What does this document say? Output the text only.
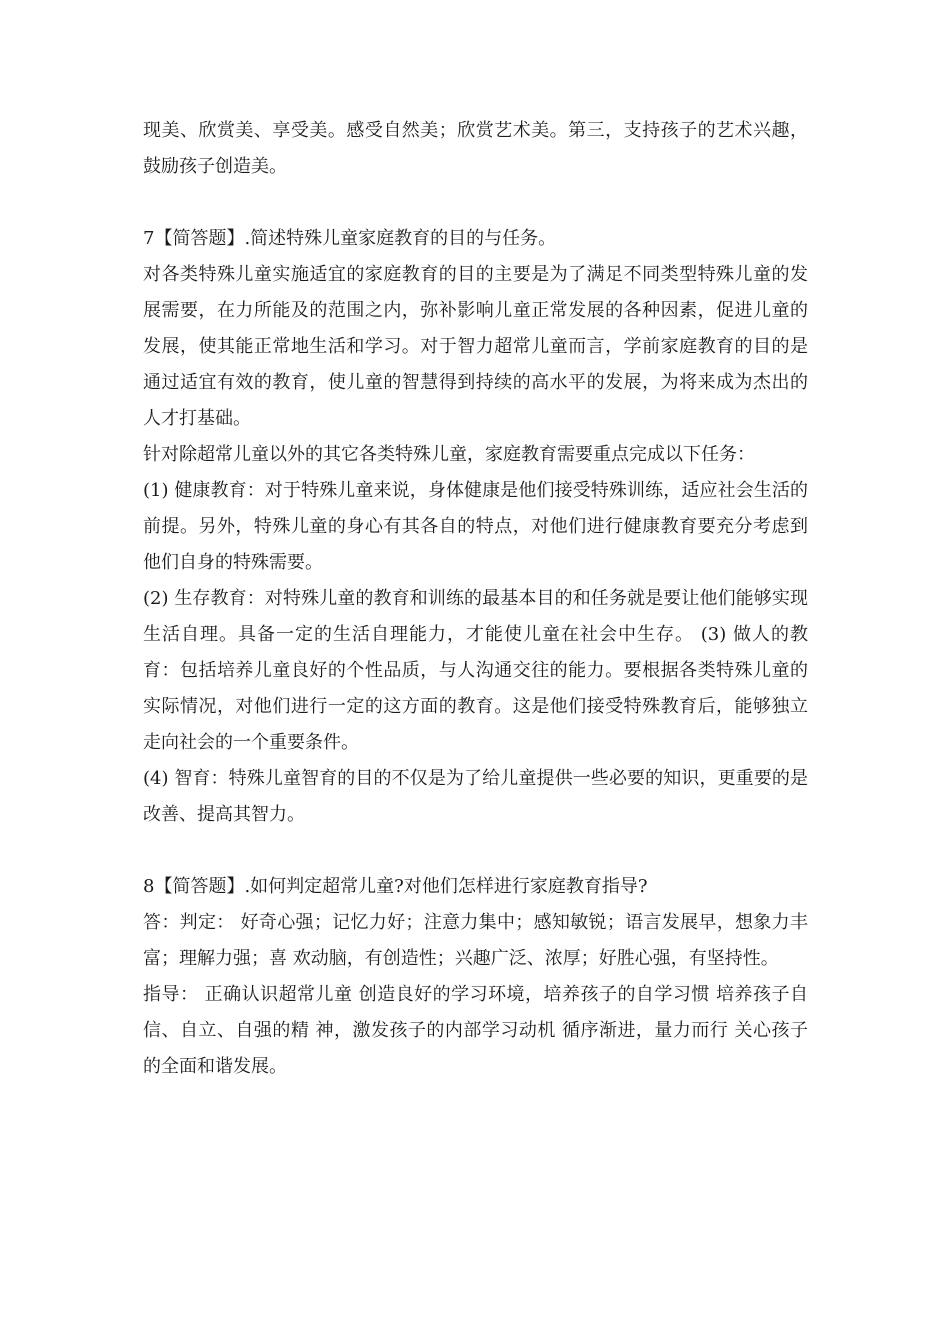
现美、欣赏美、享受美。感受自然美；欣赏艺术美。第三，支持孩子的艺术兴趣，鼓励孩子创造美。

7【简答题】.简述特殊儿童家庭教育的目的与任务。

对各类特殊儿童实施适宜的家庭教育的目的主要是为了满足不同类型特殊儿童的发展需要，在力所能及的范围之内，弥补影响儿童正常发展的各种因素，促进儿童的发展，使其能正常地生活和学习。对于智力超常儿童而言，学前家庭教育的目的是通过适宜有效的教育，使儿童的智慧得到持续的高水平的发展，为将来成为杰出的人才打基础。

针对除超常儿童以外的其它各类特殊儿童，家庭教育需要重点完成以下任务：

(1) 健康教育：对于特殊儿童来说，身体健康是他们接受特殊训练，适应社会生活的前提。另外，特殊儿童的身心有其各自的特点，对他们进行健康教育要充分考虑到他们自身的特殊需要。

(2) 生存教育：对特殊儿童的教育和训练的最基本目的和任务就是要让他们能够实现生活自理。具备一定的生活自理能力，才能使儿童在社会中生存。 (3) 做人的教育：包括培养儿童良好的个性品质，与人沟通交往的能力。要根据各类特殊儿童的实际情况，对他们进行一定的这方面的教育。这是他们接受特殊教育后，能够独立走向社会的一个重要条件。

(4) 智育：特殊儿童智育的目的不仅是为了给儿童提供一些必要的知识，更重要的是改善、提高其智力。

8【简答题】.如何判定超常儿童?对他们怎样进行家庭教育指导?

答：判定： 好奇心强；记忆力好；注意力集中；感知敏锐；语言发展早，想象力丰富；理解力强；喜 欢动脑，有创造性；兴趣广泛、浓厚；好胜心强，有坚持性。

指导： 正确认识超常儿童 创造良好的学习环境，培养孩子的自学习惯 培养孩子自信、自立、自强的精 神，激发孩子的内部学习动机 循序渐进，量力而行 关心孩子的全面和谐发展。
